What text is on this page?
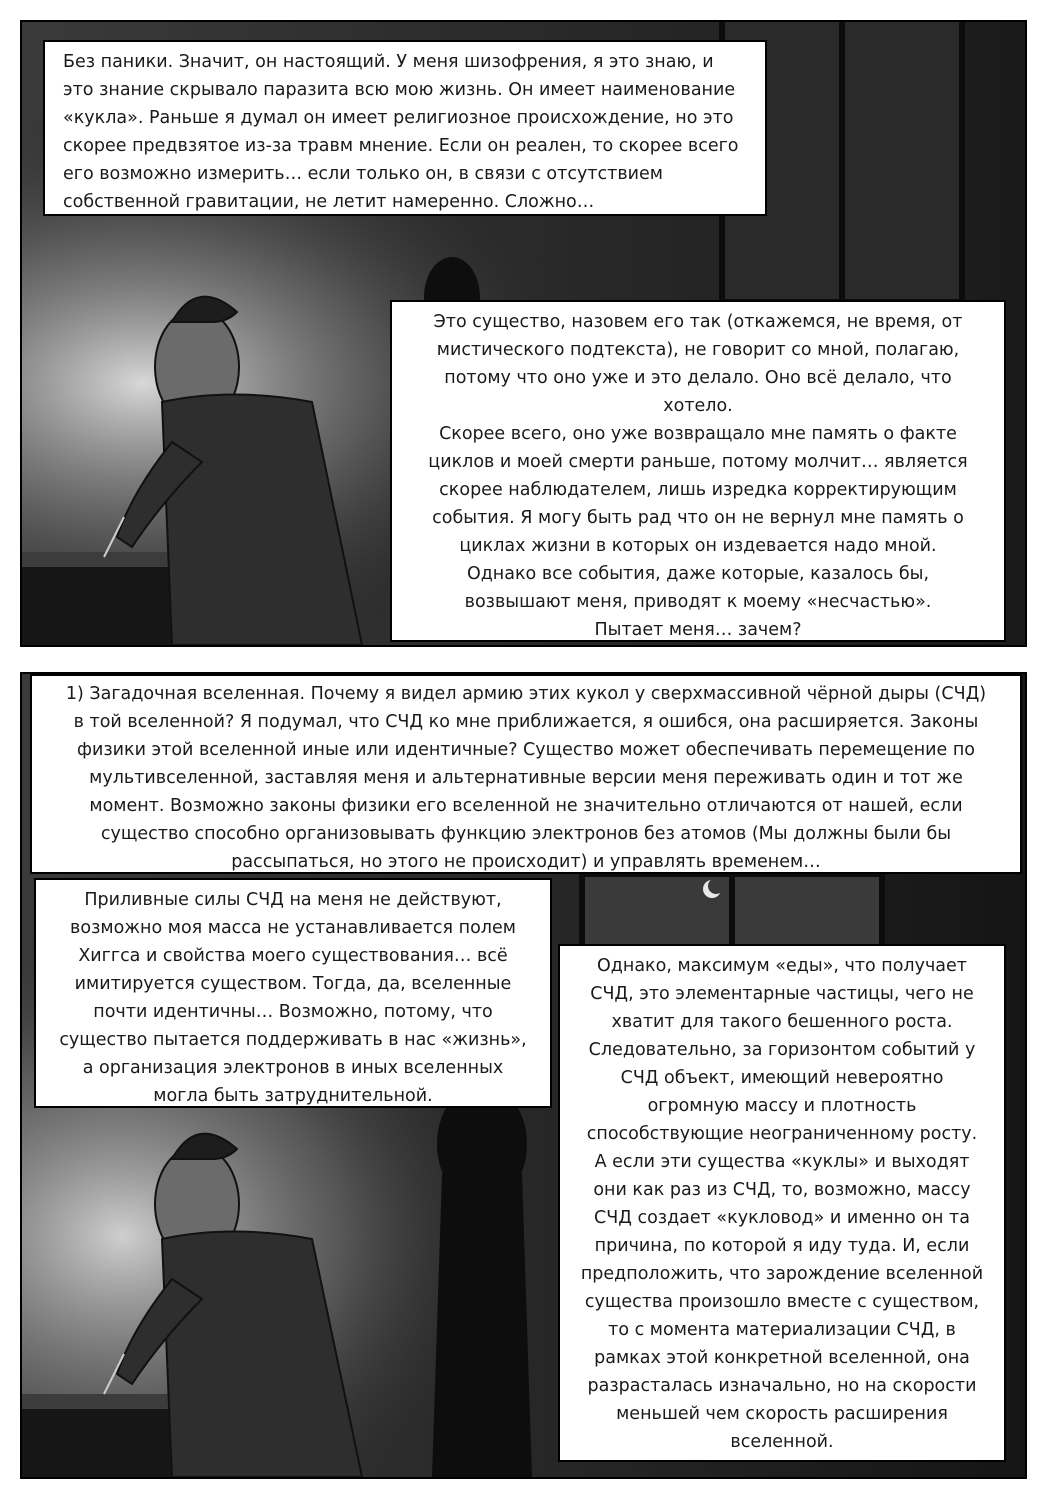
Без паники. Значит, он настоящий. У меня шизофрения, я это знаю, и
это знание скрывало паразита всю мою жизнь. Он имеет наименование
«кукла». Раньше я думал он имеет религиозное происхождение, но это
скорее предвзятое из-за травм мнение. Если он реален, то скорее всего
его возможно измерить… если только он, в связи с отсутствием
собственной гравитации, не летит намеренно. Сложно…
Это существо, назовем его так (откажемся, не время, от
мистического подтекста), не говорит со мной, полагаю,
потому что оно уже и это делало. Оно всё делало, что
хотело.
Скорее всего, оно уже возвращало мне память о факте
циклов и моей смерти раньше, потому молчит… является
скорее наблюдателем, лишь изредка корректирующим
события. Я могу быть рад что он не вернул мне память о
циклах жизни в которых он издевается надо мной.
Однако все события, даже которые, казалось бы,
возвышают меня, приводят к моему «несчастью».
Пытает меня… зачем?
1) Загадочная вселенная. Почему я видел армию этих кукол у сверхмассивной чёрной дыры (СЧД)
в той вселенной? Я подумал, что СЧД ко мне приближается, я ошибся, она расширяется. Законы
физики этой вселенной иные или идентичные? Существо может обеспечивать перемещение по
мультивселенной, заставляя меня и альтернативные версии меня переживать один и тот же
момент. Возможно законы физики его вселенной не значительно отличаются от нашей, если
существо способно организовывать функцию электронов без атомов (Мы должны были бы
рассыпаться, но этого не происходит) и управлять временем…
Приливные силы СЧД на меня не действуют,
возможно моя масса не устанавливается полем
Хиггса и свойства моего существования… всё
имитируется существом. Тогда, да, вселенные
почти идентичны… Возможно, потому, что
существо пытается поддерживать в нас «жизнь»,
а организация электронов в иных вселенных
могла быть затруднительной.
Однако, максимум «еды», что получает
СЧД, это элементарные частицы, чего не
хватит для такого бешенного роста.
Следовательно, за горизонтом событий у
СЧД объект, имеющий невероятно
огромную массу и плотность
способствующие неограниченному росту.
А если эти существа «куклы» и выходят
они как раз из СЧД, то, возможно, массу
СЧД создает «кукловод» и именно он та
причина, по которой я иду туда. И, если
предположить, что зарождение вселенной
существа произошло вместе с существом,
то с момента материализации СЧД, в
рамках этой конкретной вселенной, она
разрасталась изначально, но на скорости
меньшей чем скорость расширения
вселенной.
